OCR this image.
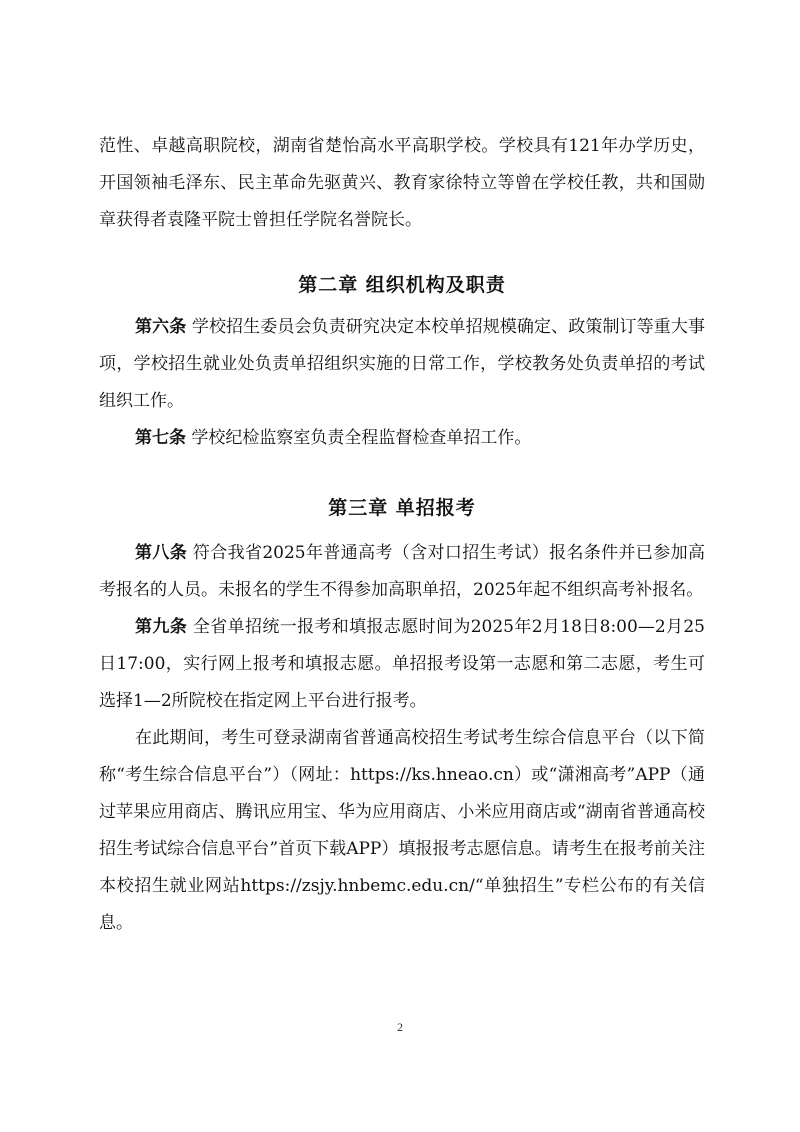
范性、卓越高职院校，湖南省楚怡高水平高职学校。学校具有121年办学历史，开国领袖毛泽东、民主革命先驱黄兴、教育家徐特立等曾在学校任教，共和国勋章获得者袁隆平院士曾担任学院名誉院长。

第二章 组织机构及职责

第六条 学校招生委员会负责研究决定本校单招规模确定、政策制订等重大事项，学校招生就业处负责单招组织实施的日常工作，学校教务处负责单招的考试组织工作。

第七条 学校纪检监察室负责全程监督检查单招工作。

第三章 单招报考

第八条 符合我省2025年普通高考（含对口招生考试）报名条件并已参加高考报名的人员。未报名的学生不得参加高职单招，2025年起不组织高考补报名。

第九条 全省单招统一报考和填报志愿时间为2025年2月18日8:00—2月25日17:00，实行网上报考和填报志愿。单招报考设第一志愿和第二志愿，考生可选择1—2所院校在指定网上平台进行报考。

在此期间，考生可登录湖南省普通高校招生考试考生综合信息平台（以下简称“考生综合信息平台”）（网址：https://ks.hneao.cn）或“潇湘高考”APP（通过苹果应用商店、腾讯应用宝、华为应用商店、小米应用商店或“湖南省普通高校招生考试综合信息平台”首页下载APP）填报报考志愿信息。请考生在报考前关注本校招生就业网站https://zsjy.hnbemc.edu.cn/“单独招生”专栏公布的有关信息。

2
